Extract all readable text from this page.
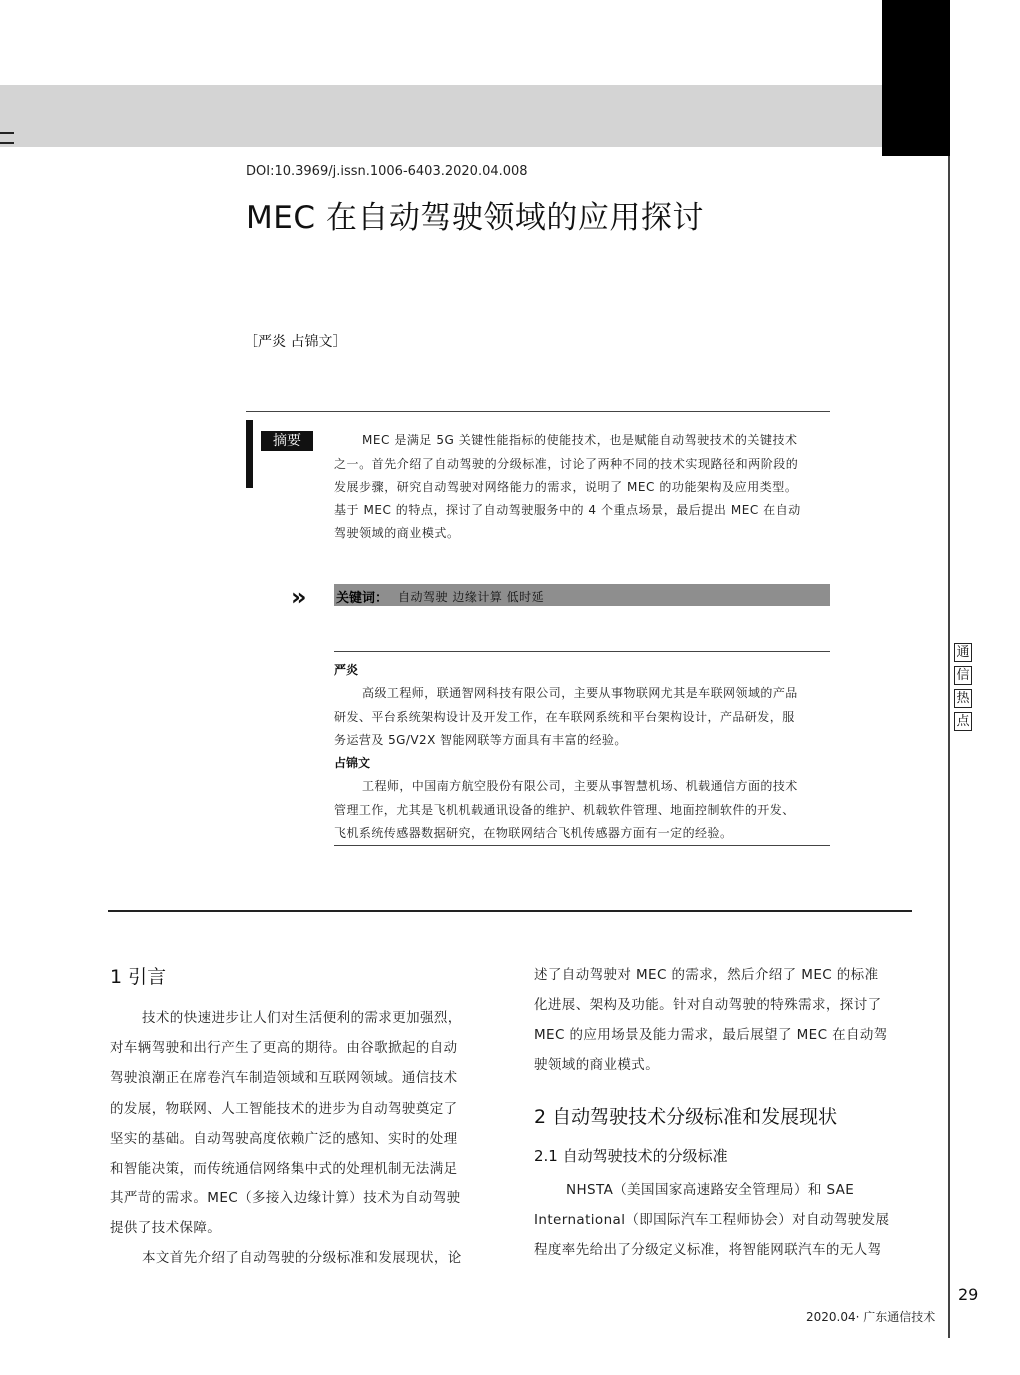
DOI:10.3969/j.issn.1006-6403.2020.04.008
MEC 在自动驾驶领域的应用探讨
［严炎 占锦文］
摘要	MEC 是满足 5G 关键性能指标的使能技术，也是赋能自动驾驶技术的关键技术
之一。首先介绍了自动驾驶的分级标准，讨论了两种不同的技术实现路径和两阶段的
发展步骤，研究自动驾驶对网络能力的需求，说明了 MEC 的功能架构及应用类型。
基于 MEC 的特点，探讨了自动驾驶服务中的 4 个重点场景，最后提出 MEC 在自动
驾驶领域的商业模式。
» 关键词： 自动驾驶 边缘计算 低时延
严炎
高级工程师，联通智网科技有限公司，主要从事物联网尤其是车联网领域的产品
研发、平台系统架构设计及开发工作，在车联网系统和平台架构设计，产品研发，服
务运营及 5G/V2X 智能网联等方面具有丰富的经验。
占锦文
工程师，中国南方航空股份有限公司，主要从事智慧机场、机载通信方面的技术
管理工作，尤其是飞机机载通讯设备的维护、机载软件管理、地面控制软件的开发、
飞机系统传感器数据研究，在物联网结合飞机传感器方面有一定的经验。
1 引言
技术的快速进步让人们对生活便利的需求更加强烈，
对车辆驾驶和出行产生了更高的期待。由谷歌掀起的自动
驾驶浪潮正在席卷汽车制造领域和互联网领域。通信技术
的发展，物联网、人工智能技术的进步为自动驾驶奠定了
坚实的基础。自动驾驶高度依赖广泛的感知、实时的处理
和智能决策，而传统通信网络集中式的处理机制无法满足
其严苛的需求。MEC（多接入边缘计算）技术为自动驾驶
提供了技术保障。
本文首先介绍了自动驾驶的分级标准和发展现状，论
述了自动驾驶对 MEC 的需求，然后介绍了 MEC 的标准
化进展、架构及功能。针对自动驾驶的特殊需求，探讨了
MEC 的应用场景及能力需求，最后展望了 MEC 在自动驾
驶领域的商业模式。
2 自动驾驶技术分级标准和发展现状
2.1 自动驾驶技术的分级标准
NHSTA（美国国家高速路安全管理局）和 SAE
International（即国际汽车工程师协会）对自动驾驶发展
程度率先给出了分级定义标准，将智能网联汽车的无人驾
通
信
热
点
29
2020.04· 广东通信技术
